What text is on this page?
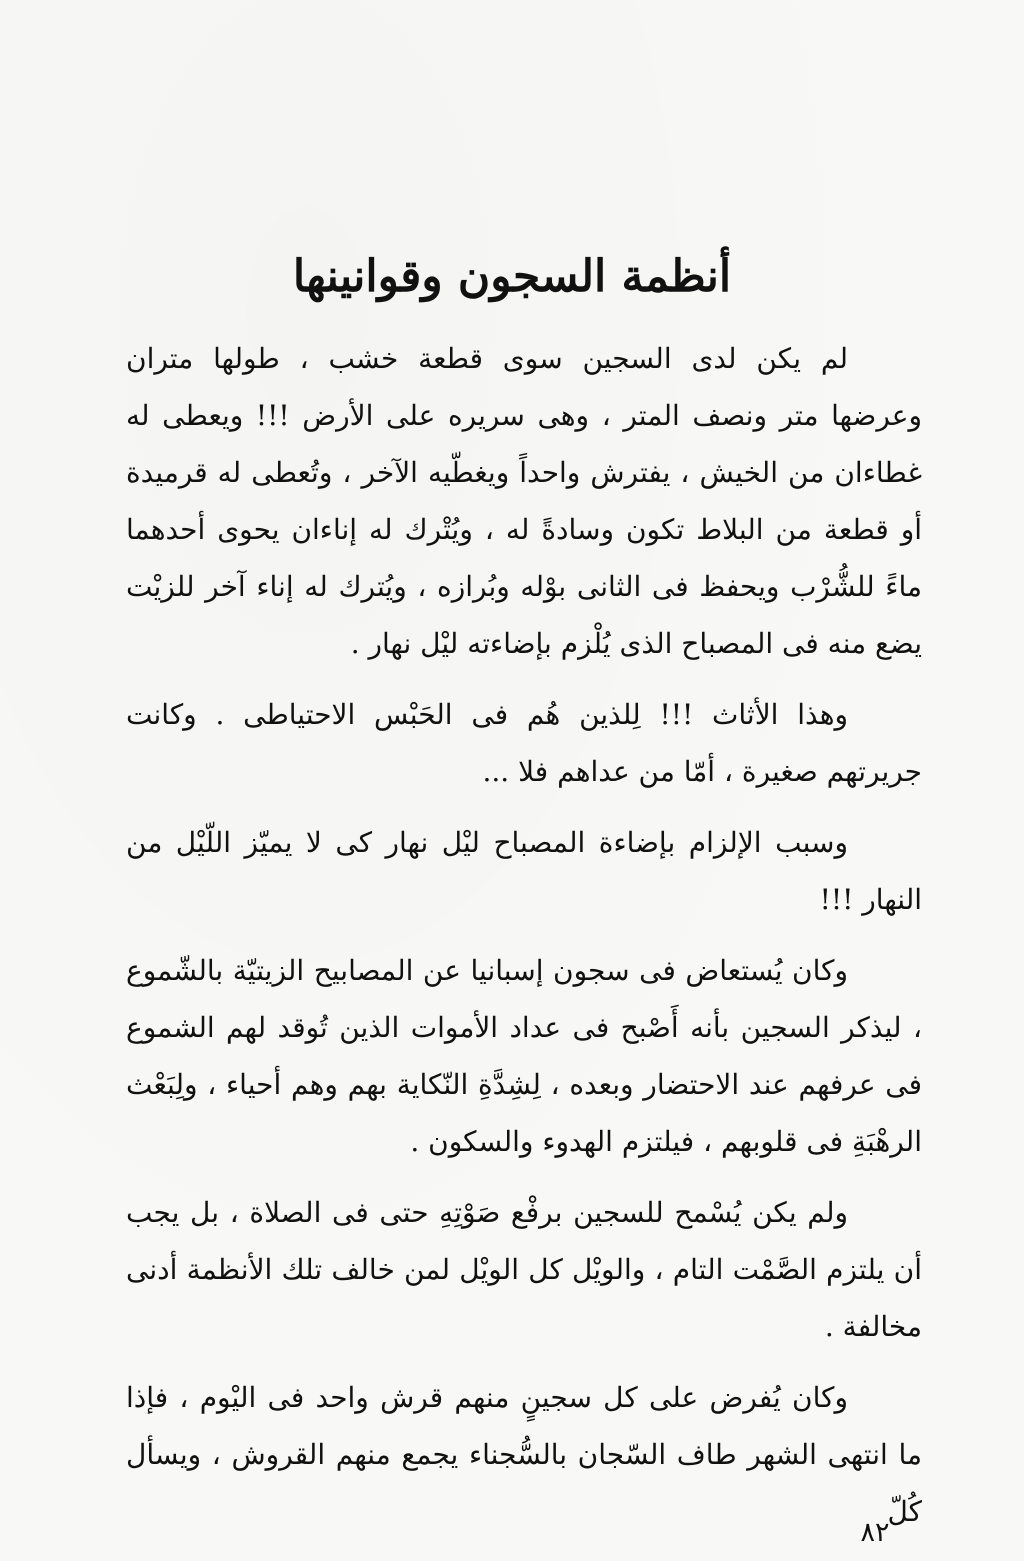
أنظمة السجون وقوانينها

لم يكن لدى السجين سوى قطعة خشب ، طولها متران وعرضها متر ونصف المتر ، وهى سريره على الأرض !!! ويعطى له غطاءان من الخيش ، يفترش واحداً ويغطّيه الآخر ، وتُعطى له قرميدة أو قطعة من البلاط تكون وسادةً له ، ويُتْرك له إناءان يحوى أحدهما ماءً للشُّرْب ويحفظ فى الثانى بوْله وبُرازه ، ويُترك له إناء آخر للزيْت يضع منه فى المصباح الذى يُلْزم بإضاءته ليْل نهار .

وهذا الأثاث !!! لِلذين هُم فى الحَبْس الاحتياطى . وكانت جريرتهم صغيرة ، أمّا من عداهم فلا ...

وسبب الإلزام بإضاءة المصباح ليْل نهار كى لا يميّز اللّيْل من النهار !!!

وكان يُستعاض فى سجون إسبانيا عن المصابيح الزيتيّة بالشّموع ، ليذكر السجين بأنه أَصْبح فى عداد الأموات الذين تُوقد لهم الشموع فى عرفهم عند الاحتضار وبعده ، لِشِدَّةِ النّكاية بهم وهم أحياء ، ولِبَعْث الرهْبَةِ فى قلوبهم ، فيلتزم الهدوء والسكون .

ولم يكن يُسْمح للسجين برفْع صَوْتِهِ حتى فى الصلاة ، بل يجب أن يلتزم الصَّمْت التام ، والويْل كل الويْل لمن خالف تلك الأنظمة أدنى مخالفة .

وكان يُفرض على كل سجينٍ منهم قرش واحد فى اليْوم ، فإذا ما انتهى الشهر طاف السّجان بالسُّجناء يجمع منهم القروش ، ويسأل كُلّ

٨٢
